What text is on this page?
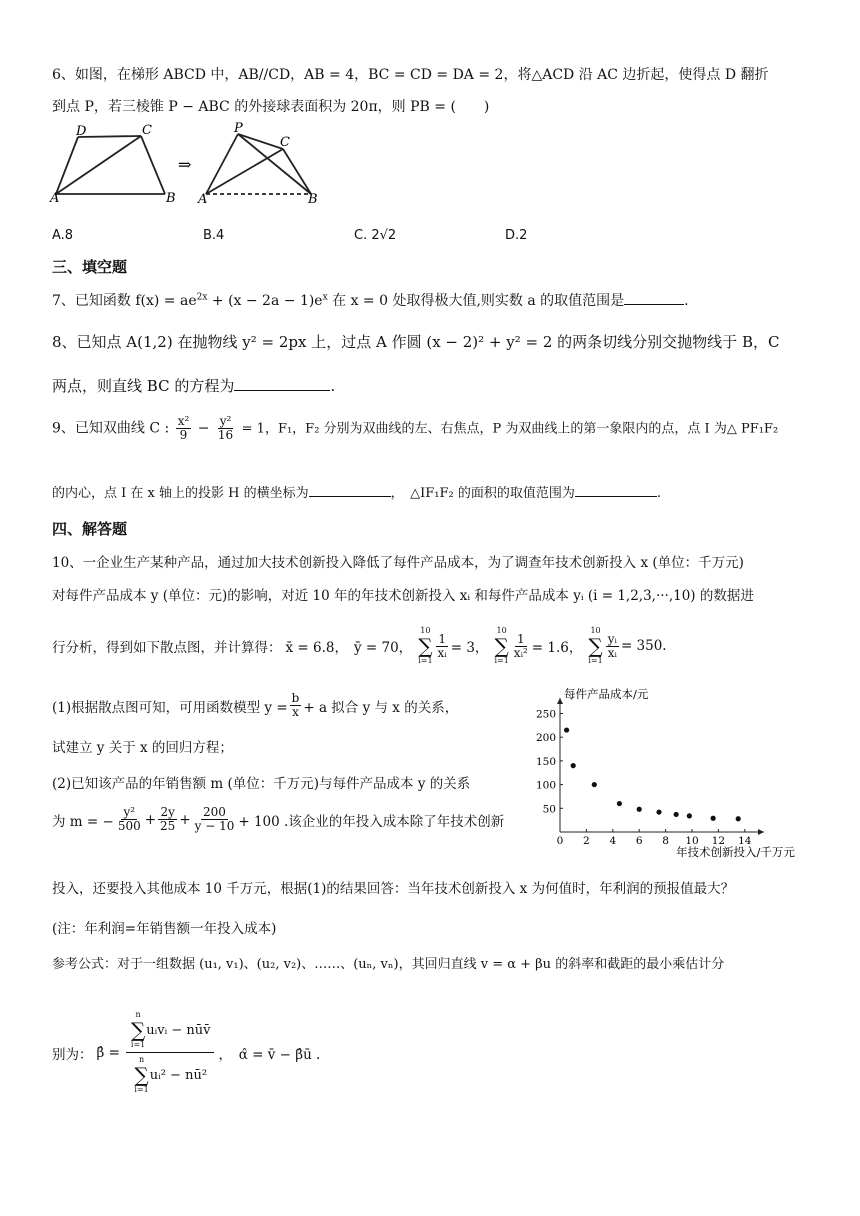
6、如图，在梯形 ABCD 中，AB//CD，AB = 4，BC = CD = DA = 2，将△ACD 沿 AC 边折起，使得点 D 翻折
到点 P，若三棱锥 P − ABC 的外接球表面积为 20π，则 PB = (　　)
D	C
A	B
⇒
P
C
A	B
A.8	B.4	C. 2√2	D.2
三、填空题
7、已知函数 $f(x) = ae^{2x} + (x - 2a - 1)e^x$ 在 x = 0 处取得极大值,则实数 a 的取值范围是	.
8、已知点 A(1,2) 在抛物线 y² = 2px 上，过点 A 作圆 (x − 2)² + y² = 2 的两条切线分别交抛物线于 B，C
两点，则直线 BC 的方程为	.
9、已知双曲线 C : $\frac{\text{x²}}{9} - \frac{\text{y²}}{16} = 1$，F₁，F₂ 分别为双曲线的左、右焦点，P 为双曲线上的第一象限内的点，点 I 为△ PF₁F₂
的内心，点 I 在 x 轴上的投影 H 的横坐标为	，　△IF₁F₂ 的面积的取值范围为	.
四、解答题
10、一企业生产某种产品，通过加大技术创新投入降低了每件产品成本，为了调查年技术创新投入 x (单位：千万元)
对每件产品成本 y (单位：元)的影响，对近 10 年的年技术创新投入 xᵢ 和每件产品成本 yᵢ (i = 1,2,3,···,10) 的数据进
行分析，得到如下散点图，并计算得： x̄ = 6.8， ȳ = 70，
10
∑
i=1
$\frac{1}{\text{xᵢ}} = 3$，
10
∑
i=1
$\frac{1}{\text{xᵢ²}} = 1.6$，
10
∑
i=1
$\frac{\text{yᵢ}}{\text{xᵢ}} = 350$.
(1)根据散点图可知，可用函数模型 $y = \frac{b}{x} + a$ 拟合 y 与 x 的关系，
试建立 y 关于 x 的回归方程；
(2)已知该产品的年销售额 m (单位：千万元)与每件产品成本 y 的关系
为 m = − $\frac{\text{y²}}{500} + \frac{2y}{25} + \frac{200}{y - 10} + 100$ .该企业的年投入成本除了年技术创新
每件产品成本/元
年技术创新投入/千万元
0 2 4 6 8 10 12 14
50
100
150
200
250
投入，还要投入其他成本 10 千万元，根据(1)的结果回答：当年技术创新投入 x 为何值时，年利润的预报值最大？
(注：年利润=年销售额一年投入成本)
参考公式：对于一组数据 (u₁, v₁)、(u₂, v₂)、……、(uₙ, vₙ)，其回归直线 v = α + βu 的斜率和截距的最小乘估计分
别为： β̂ =
n
∑
i=1
uᵢvᵢ − nūv̄
n
∑
i=1
uᵢ² − nū²
，　α̂ = v̄ − β̂ū .
